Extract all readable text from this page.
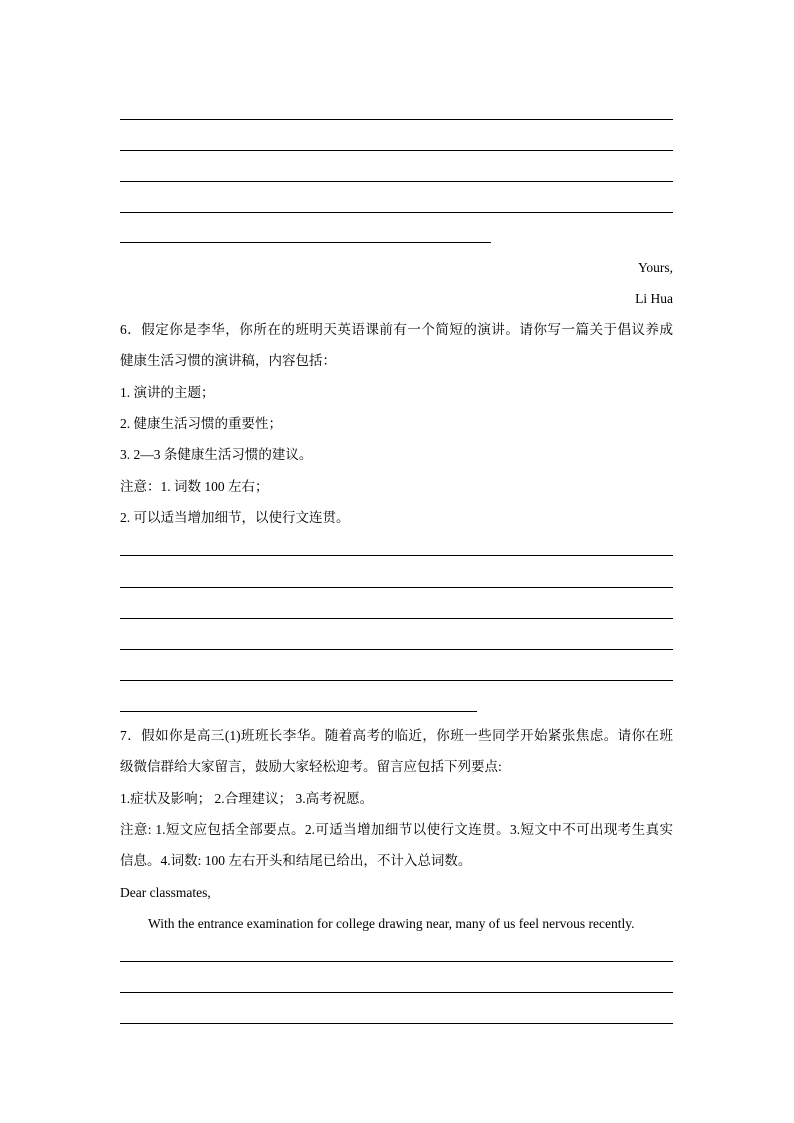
Yours,
Li Hua
6．假定你是李华，你所在的班明天英语课前有一个简短的演讲。请你写一篇关于倡议养成
健康生活习惯的演讲稿，内容包括：
1. 演讲的主题；
2. 健康生活习惯的重要性；
3. 2—3 条健康生活习惯的建议。
注意：1. 词数 100 左右；
2. 可以适当增加细节，以使行文连贯。
7．假如你是高三(1)班班长李华。随着高考的临近，你班一些同学开始紧张焦虑。请你在班
级微信群给大家留言，鼓励大家轻松迎考。留言应包括下列要点:
1.症状及影响； 2.合理建议； 3.高考祝愿。
注意: 1.短文应包括全部要点。2.可适当增加细节以使行文连贯。3.短文中不可出现考生真实
信息。4.词数: 100 左右开头和结尾已给出，不计入总词数。
Dear classmates,
With the entrance examination for college drawing near, many of us feel nervous recently.
